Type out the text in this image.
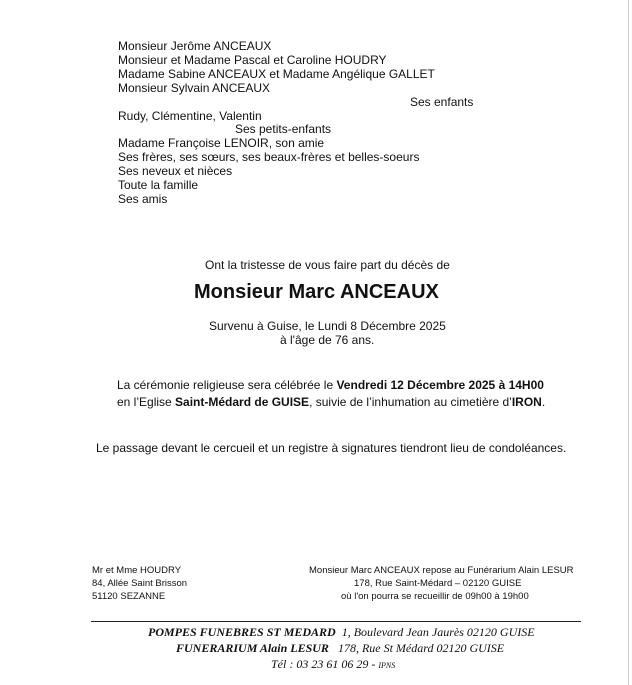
Monsieur Jerôme ANCEAUX
Monsieur et Madame Pascal et Caroline HOUDRY
Madame Sabine ANCEAUX et Madame Angélique GALLET
Monsieur Sylvain ANCEAUX
Ses enfants
Rudy, Clémentine, Valentin
Ses petits-enfants
Madame Françoise LENOIR, son amie
Ses frères, ses sœurs, ses beaux-frères et belles-soeurs
Ses neveux et nièces
Toute la famille
Ses amis
Ont la tristesse de vous faire part du décès de
Monsieur Marc ANCEAUX
Survenu à Guise, le Lundi 8 Décembre 2025
à l'âge de 76 ans.
La cérémonie religieuse sera célébrée le Vendredi 12 Décembre 2025 à 14H00
en l’Eglise Saint-Médard de GUISE, suivie de l’inhumation au cimetière d’IRON.
Le passage devant le cercueil et un registre à signatures tiendront lieu de condoléances.
Mr et Mme HOUDRY
84, Allée Saint Brisson
51120 SEZANNE
Monsieur Marc ANCEAUX repose au Funérarium Alain LESUR
178, Rue Saint-Médard – 02120 GUISE
où l'on pourra se recueillir de 09h00 à 19h00
POMPES FUNEBRES ST MEDARD 1, Boulevard Jean Jaurès 02120 GUISE
FUNERARIUM Alain LESUR 178, Rue St Médard 02120 GUISE
Tél : 03 23 61 06 29 - IPNS
